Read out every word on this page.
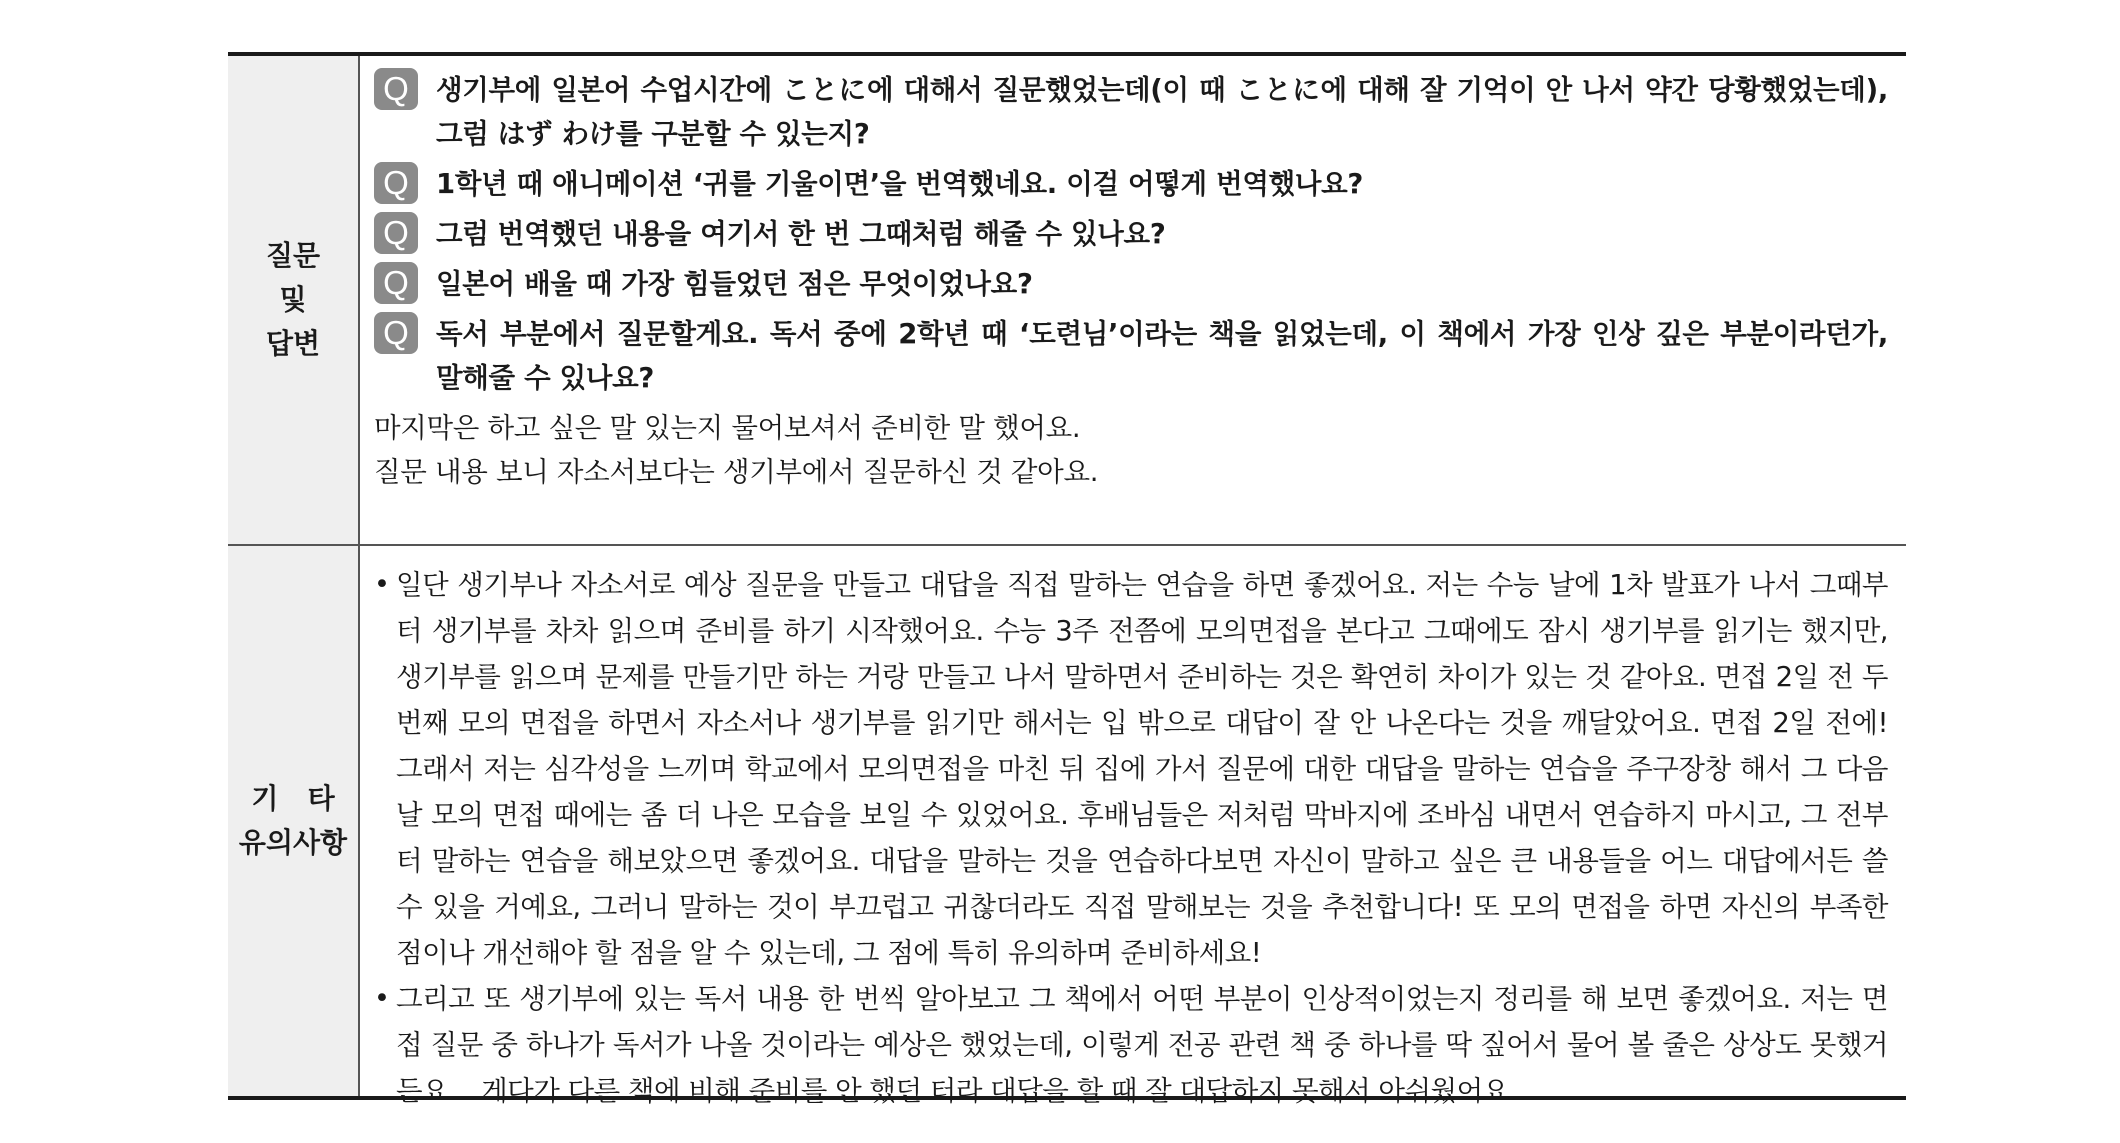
질문
및
답변
Q 생기부에 일본어 수업시간에 ことに에 대해서 질문했었는데(이 때 ことに에 대해 잘 기억이 안 나서 약간 당황했었는데), 그럼 はず わけ를 구분할 수 있는지?
Q 1학년 때 애니메이션 ‘귀를 기울이면’을 번역했네요. 이걸 어떻게 번역했나요?
Q 그럼 번역했던 내용을 여기서 한 번 그때처럼 해줄 수 있나요?
Q 일본어 배울 때 가장 힘들었던 점은 무엇이었나요?
Q 독서 부분에서 질문할게요. 독서 중에 2학년 때 ‘도련님’이라는 책을 읽었는데, 이 책에서 가장 인상 깊은 부분이라던가, 말해줄 수 있나요?
마지막은 하고 싶은 말 있는지 물어보셔서 준비한 말 했어요.
질문 내용 보니 자소서보다는 생기부에서 질문하신 것 같아요.
기   타
유의사항
• 일단 생기부나 자소서로 예상 질문을 만들고 대답을 직접 말하는 연습을 하면 좋겠어요. 저는 수능 날에 1차 발표가 나서 그때부터 생기부를 차차 읽으며 준비를 하기 시작했어요. 수능 3주 전쯤에 모의면접을 본다고 그때에도 잠시 생기부를 읽기는 했지만, 생기부를 읽으며 문제를 만들기만 하는 거랑 만들고 나서 말하면서 준비하는 것은 확연히 차이가 있는 것 같아요. 면접 2일 전 두 번째 모의 면접을 하면서 자소서나 생기부를 읽기만 해서는 입 밖으로 대답이 잘 안 나온다는 것을 깨달았어요. 면접 2일 전에! 그래서 저는 심각성을 느끼며 학교에서 모의면접을 마친 뒤 집에 가서 질문에 대한 대답을 말하는 연습을 주구장창 해서 그 다음날 모의 면접 때에는 좀 더 나은 모습을 보일 수 있었어요. 후배님들은 저처럼 막바지에 조바심 내면서 연습하지 마시고, 그 전부터 말하는 연습을 해보았으면 좋겠어요. 대답을 말하는 것을 연습하다보면 자신이 말하고 싶은 큰 내용들을 어느 대답에서든 쓸 수 있을 거예요, 그러니 말하는 것이 부끄럽고 귀찮더라도 직접 말해보는 것을 추천합니다! 또 모의 면접을 하면 자신의 부족한 점이나 개선해야 할 점을 알 수 있는데, 그 점에 특히 유의하며 준비하세요!
• 그리고 또 생기부에 있는 독서 내용 한 번씩 알아보고 그 책에서 어떤 부분이 인상적이었는지 정리를 해 보면 좋겠어요. 저는 면접 질문 중 하나가 독서가 나올 것이라는 예상은 했었는데, 이렇게 전공 관련 책 중 하나를 딱 짚어서 물어 볼 줄은 상상도 못했거든요... 게다가 다른 책에 비해 준비를 안 했던 터라 대답을 할 때 잘 대답하지 못해서 아쉬웠어요.
